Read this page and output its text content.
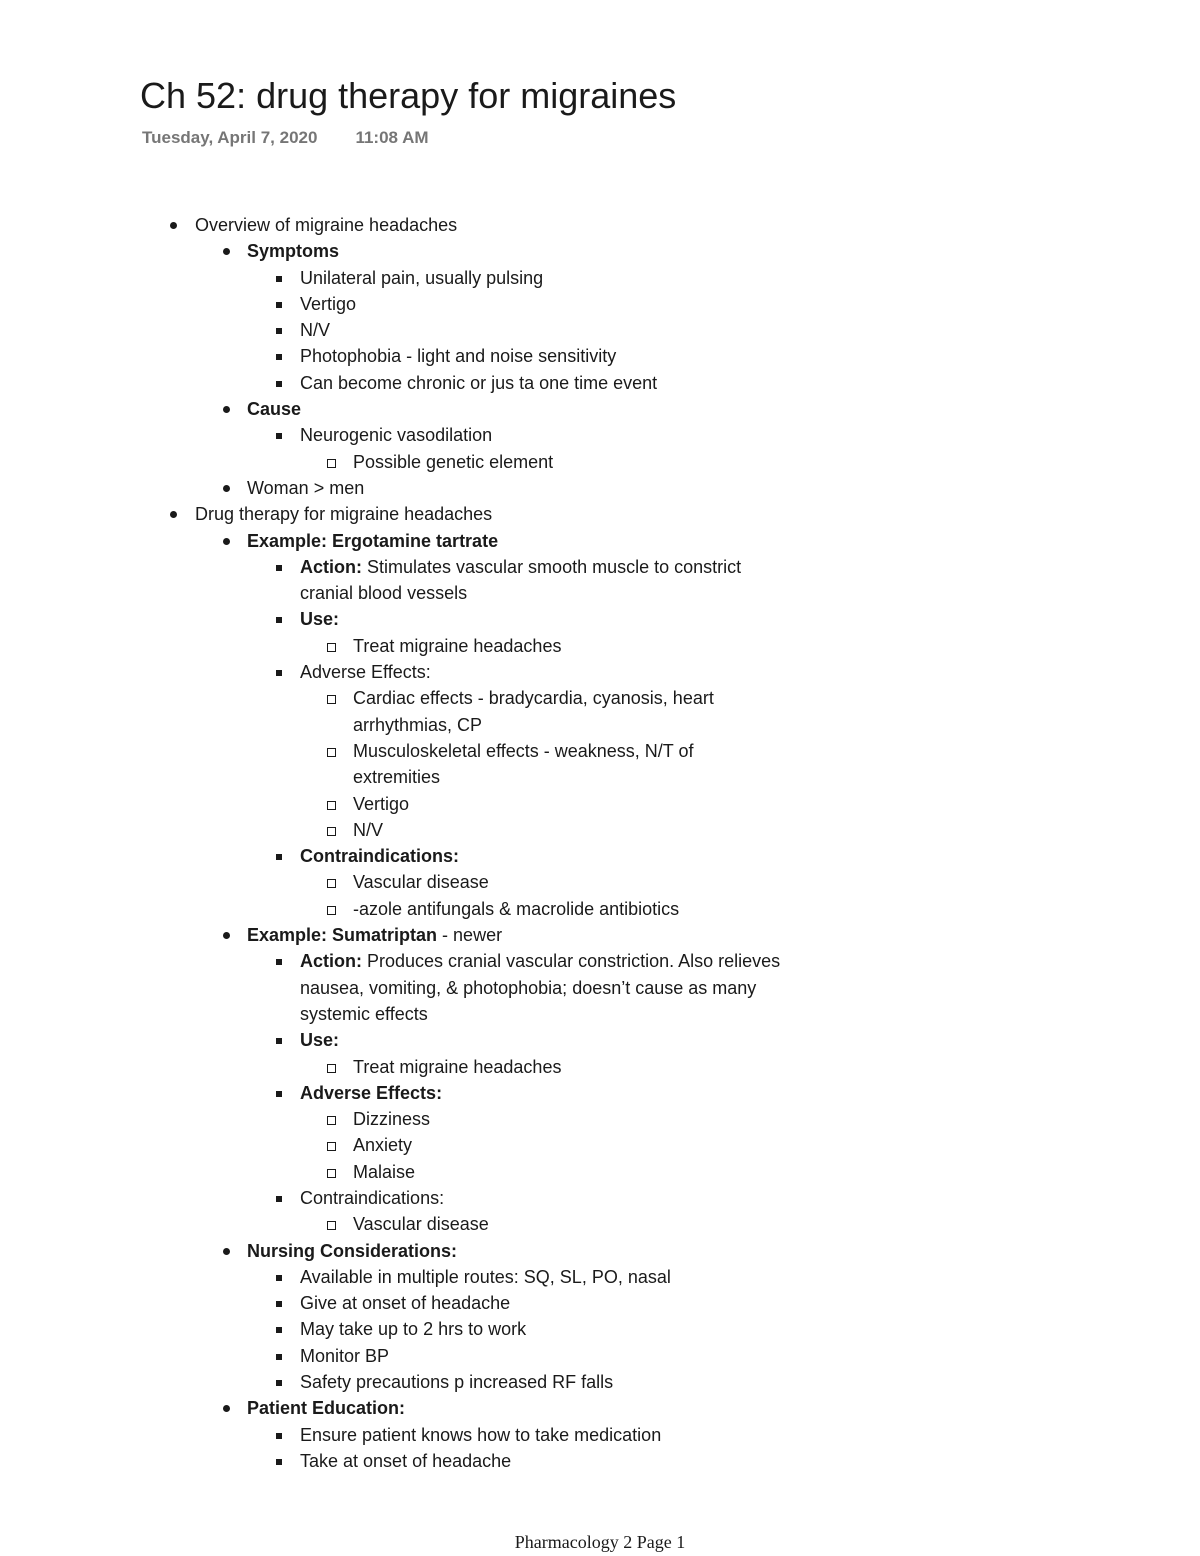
Ch 52: drug therapy for migraines
Tuesday, April 7, 2020 11:08 AM
Overview of migraine headaches
Symptoms
Unilateral pain, usually pulsing
Vertigo
N/V
Photophobia - light and noise sensitivity
Can become chronic or jus ta one time event
Cause
Neurogenic vasodilation
Possible genetic element
Woman > men
Drug therapy for migraine headaches
Example: Ergotamine tartrate
Action: Stimulates vascular smooth muscle to constrict
cranial blood vessels
Use:
Treat migraine headaches
Adverse Effects:
Cardiac effects - bradycardia, cyanosis, heart
arrhythmias, CP
Musculoskeletal effects - weakness, N/T of
extremities
Vertigo
N/V
Contraindications:
Vascular disease
-azole antifungals & macrolide antibiotics
Example: Sumatriptan - newer
Action: Produces cranial vascular constriction. Also relieves
nausea, vomiting, & photophobia; doesn’t cause as many
systemic effects
Use:
Treat migraine headaches
Adverse Effects:
Dizziness
Anxiety
Malaise
Contraindications:
Vascular disease
Nursing Considerations:
Available in multiple routes: SQ, SL, PO, nasal
Give at onset of headache
May take up to 2 hrs to work
Monitor BP
Safety precautions p increased RF falls
Patient Education:
Ensure patient knows how to take medication
Take at onset of headache
Pharmacology 2 Page 1
